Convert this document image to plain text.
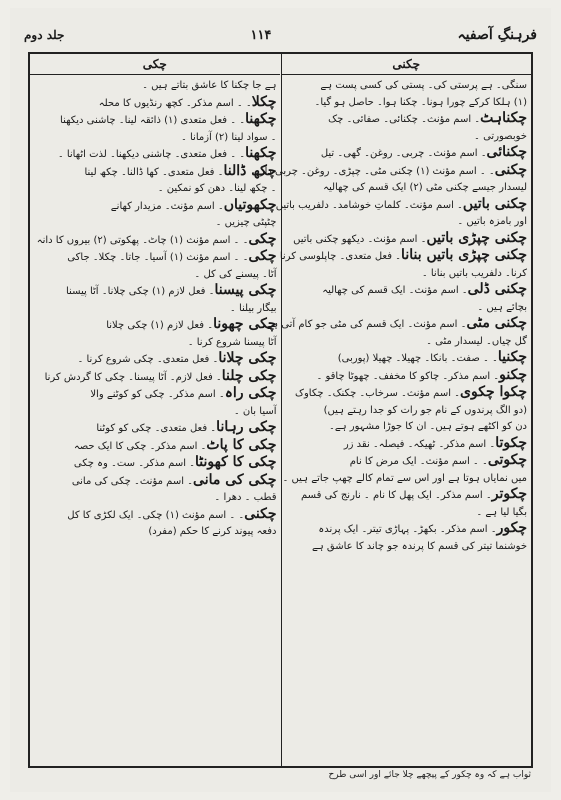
جلد دوم	۱۱۴	فرہنگِ آصفیہ
چکی	چکنی
سنگی۔ ہے پرستی کی۔ پستی کی کسی پست ہے
(۱) ہلکا کرکے چورا ہونا۔ چکنا ہوا۔ حاصل ہو گیا۔
چکناہٹ۔ اسم مؤنث۔ چکنائی۔ صفائی۔ چک
خوبصورتی ۔
چکنائی۔ اسم مؤنث۔ چربی۔ روغن۔ گھی۔ تیل
چکنی۔ ۔ اسم مؤنث (۱) چکنی مٹی۔ چپڑی۔ روغن۔ چربی دار
لیسدار جیسے چکنی مٹی (۲) ایک قسم کی چھالیہ
چکنی باتیں۔ اسم مؤنث۔ کلماتِ خوشامد۔ دلفریب باتیں
اور بامزہ باتیں ۔
چکنی چپڑی باتیں۔ اسم مؤنث۔ دیکھو چکنی باتیں
چکنی چپڑی باتیں بنانا۔ فعل متعدی۔ چاپلوسی کرنا
کرنا۔ دلفریب باتیں بنانا ۔
چکنی ڈلی۔ اسم مؤنث۔ ایک قسم کی چھالیہ
بچائے ہیں ۔
چکنی مٹی۔ اسم مؤنث۔ ایک قسم کی مٹی جو کام آتی ہے
گل چیاں۔ لیسدار مٹی ۔
چکنیا۔ ۔ صفت۔ بانکا۔ چھیلا۔ چھیلا (پوربی)
چکنو۔ اسم مذکر۔ چاکو کا مخفف۔ چھوٹا چاقو ۔
چکوا چکوی۔ اسم مؤنث۔ سرخاب۔ چکنک۔ چکاوک
(دو الگ پرندوں کے نام جو رات کو جدا رہتے ہیں)
دن کو اکٹھے ہوتے ہیں۔ ان کا جوڑا مشہور ہے۔
چکوتا۔ اسم مذکر۔ ٹھیکہ۔ فیصلہ۔ نقد زر
چکوتی۔ ۔ اسم مؤنث۔ ایک مرض کا نام
میں نمایاں ہوتا ہے اور اس سے تمام کالے چھپ جاتے ہیں ۔
چکوتر۔ اسم مذکر۔ ایک پھل کا نام ۔ نارنج کی قسم
بگیا لیا ہے ۔
چکور۔ اسم مذکر۔ بکھڑ۔ پہاڑی تیتر۔ ایک پرندہ
خوشنما تیتر کی قسم کا پرندہ جو چاند کا عاشق ہے
ہے جا چکنا کا عاشق بتاتے ہیں ۔
چکلا۔ ۔ اسم مذکر۔ کچھ رنڈیوں کا محلہ
چکھنا۔ ۔ فعل متعدی (۱) ذائقہ لینا۔ چاشنی دیکھنا
۔ سواد لینا (۲) آزمانا ۔
چکھنا۔ ۔ فعل متعدی۔ چاشنی دیکھنا۔ لذت اٹھانا ۔
چکھ ڈالنا۔ فعل متعدی۔ کھا ڈالنا۔ چکھ لینا
۔ چکھ لینا۔ دھن کو نمکین ۔
چکھوتیاں۔ اسم مؤنث۔ مزیدار کھانے
چٹپٹی چیزیں ۔
چکی۔ ۔ اسم مؤنث (۱) چاٹ۔ پھکوتی (۲) بیروں کا دانہ
چکی۔ ۔ اسم مؤنث (۱) آسیا۔ جاتا۔ چکلا۔ جاکی
آٹا۔ پیسنے کی کل ۔
چکی پیسنا۔ فعل لازم (۱) چکی چلانا۔ آٹا پیسنا
بیگار بیلنا ۔
چکی چھونا۔ فعل لازم (۱) چکی چلانا
آٹا پیسنا شروع کرنا ۔
چکی چلانا۔ فعل متعدی۔ چکی شروع کرنا ۔
چکی چلنا۔ فعل لازم۔ آٹا پیسنا۔ چکی کا گردش کرنا
چکی راہ۔ اسم مذکر۔ چکی کو کوٹنے والا
آسیا بان ۔
چکی رہانا۔ فعل متعدی۔ چکی کو کوٹنا
چکی کا پاٹ۔ اسم مذکر۔ چکی کا ایک حصہ
چکی کا کھونٹا۔ اسم مذکر۔ ست۔ وہ چکی
چکی کی مانی۔ اسم مؤنث۔ چکی کی مانی
قطب ۔ دھرا ۔
چکنی۔ ۔ اسم مؤنث (۱) چکی۔ ایک لکڑی کا کل
دفعہ پیوند کرنے کا حکم (مفرد)
ثواب ہے کہ وہ چکور کے پیچھے چلا جائے اور اسی طرح
